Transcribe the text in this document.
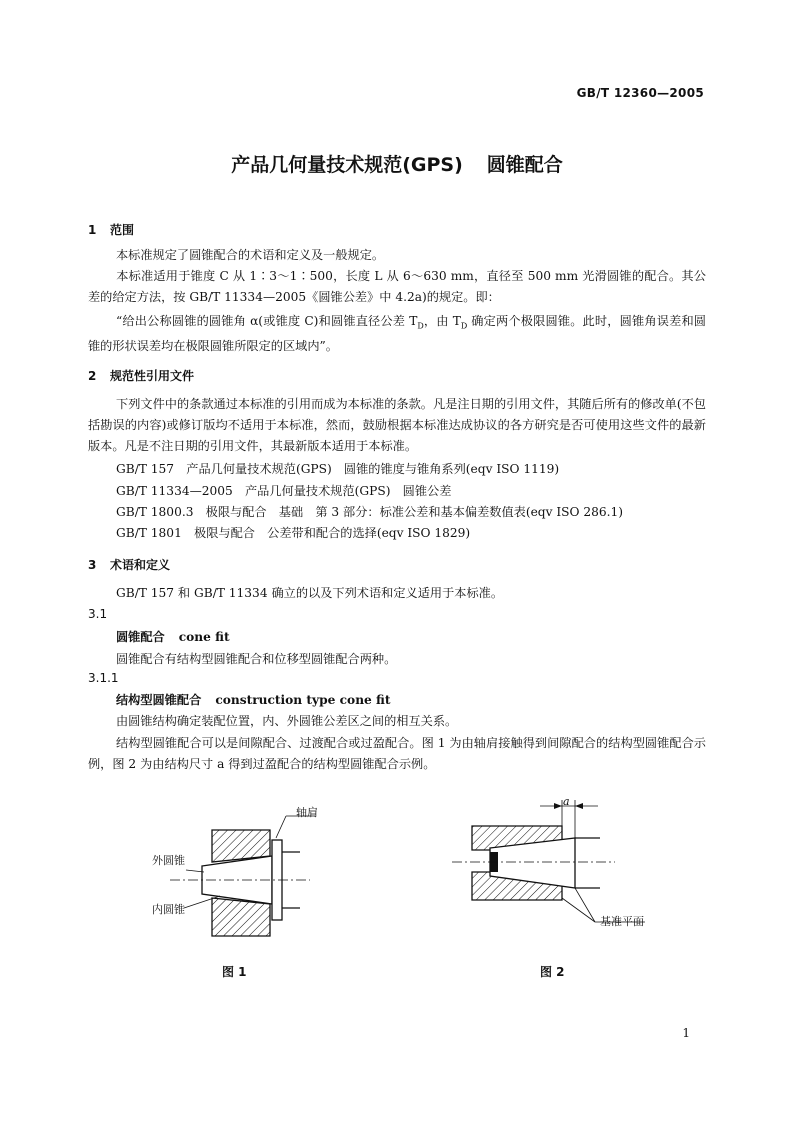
GB/T 12360—2005
产品几何量技术规范(GPS) 圆锥配合
1 范围
本标准规定了圆锥配合的术语和定义及一般规定。
本标准适用于锥度 C 从 1∶3～1∶500，长度 L 从 6～630 mm，直径至 500 mm 光滑圆锥的配合。其公差的给定方法，按 GB/T 11334—2005《圆锥公差》中 4.2a)的规定。即：
“给出公称圆锥的圆锥角 α(或锥度 C)和圆锥直径公差 $T_D$，由 $T_D$ 确定两个极限圆锥。此时，圆锥角误差和圆锥的形状误差均在极限圆锥所限定的区域内”。
2 规范性引用文件
下列文件中的条款通过本标准的引用而成为本标准的条款。凡是注日期的引用文件，其随后所有的修改单(不包括勘误的内容)或修订版均不适用于本标准，然而，鼓励根据本标准达成协议的各方研究是否可使用这些文件的最新版本。凡是不注日期的引用文件，其最新版本适用于本标准。
GB/T 157　产品几何量技术规范(GPS)　圆锥的锥度与锥角系列(eqv ISO 1119)
GB/T 11334—2005　产品几何量技术规范(GPS)　圆锥公差
GB/T 1800.3　极限与配合　基础　第 3 部分：标准公差和基本偏差数值表(eqv ISO 286.1)
GB/T 1801　极限与配合　公差带和配合的选择(eqv ISO 1829)
3 术语和定义
GB/T 157 和 GB/T 11334 确立的以及下列术语和定义适用于本标准。
3.1
圆锥配合 cone fit
圆锥配合有结构型圆锥配合和位移型圆锥配合两种。
3.1.1
结构型圆锥配合 construction type cone fit
由圆锥结构确定装配位置，内、外圆锥公差区之间的相互关系。
结构型圆锥配合可以是间隙配合、过渡配合或过盈配合。图 1 为由轴肩接触得到间隙配合的结构型圆锥配合示例，图 2 为由结构尺寸 a 得到过盈配合的结构型圆锥配合示例。
轴肩
外圆锥
内圆锥
图 1
a
基准平面
图 2
1
